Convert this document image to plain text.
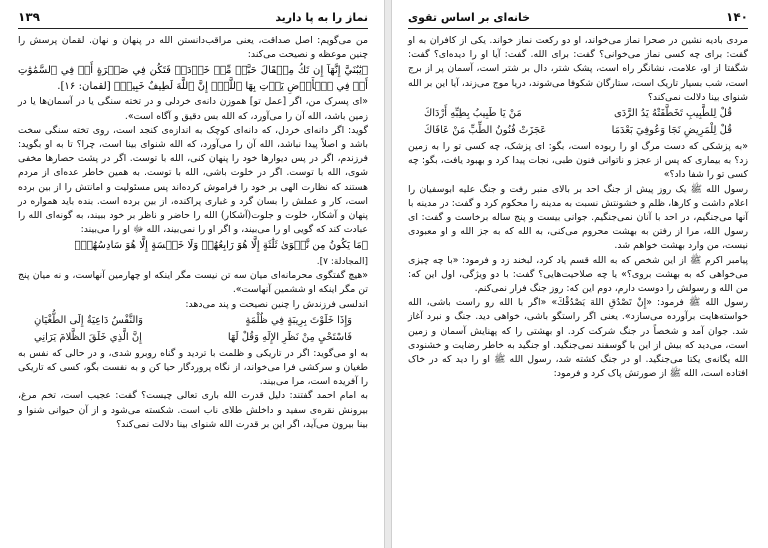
نماز را به پا دارید
۱۳۹

من می‌گویم: اصل صداقت، یعنی مراقب‌دانستن الله در پنهان و نهان. لقمان پرسش را چنین موعظه و نصیحت می‌کند:

﴿يَٰبُنَيَّ إِنَّهَآ إِن تَكُ مِثۡقَالَ حَبَّةٖ مِّنۡ خَرۡدَلٖ فَتَكُن فِي صَخۡرَةٍ أَوۡ فِي ٱلسَّمَٰوَٰتِ أَوۡ فِي ٱلۡأَرۡضِ يَأۡتِ بِهَا ٱللَّهُۚ إِنَّ ٱللَّهَ لَطِيفٌ خَبِيرٞ﴾ [لقمان: ۱۶].

«ای پسرک من، اگر [عمل تو] هموزن دانه‌ی خردلی و در تخته سنگی یا در آسمان‌ها یا در زمین باشد، الله آن را می‌آورد، که الله بس دقیق و آگاه است».

گوید: اگر دانه‌ای خردل، که دانه‌ای کوچک به اندازه‌ی کنجد است، روی تخته سنگی سخت باشد و اصلاً پیدا نباشد، الله آن را می‌آورد، که الله شنوای بینا است، چرا؟ تا به او بگوید: فرزندم، اگر در پس دیوارها خود را پنهان کنی، الله با توست. اگر در پشت حصارها مخفی شوی، الله با توست. اگر در خلوت باشی، الله با توست. به همین خاطر عده‌ای از مردم هستند که نظارت الهی بر خود را فراموش کرده‌اند پس مسئولیت و امانتش را از بین برده است، کار و عملش را بسان گرد و غباری پراکنده، از بین برده است. بنده باید همواره در پنهان و آشکار، خلوت و جلوت(آشکار) الله را حاضر و ناظر بر خود ببیند، به گونه‌ای الله را عبادت کند که گویی او را می‌بیند، و اگر او را نمی‌بیند، الله ﷻ او را می‌بیند:

﴿مَا يَكُونُ مِن نَّجۡوَىٰ ثَلَٰثَةٍ إِلَّا هُوَ رَابِعُهُمۡ وَلَا خَمۡسَةٍ إِلَّا هُوَ سَادِسُهُمۡ﴾

[المجادلة: ۷].

«هیچ گفتگوی محرمانه‌ای میان سه تن نیست مگر اینکه او چهارمین آنهاست، و نه میان پنج تن مگر اینکه او ششمین آنهاست».

اندلسی فرزندش را چنین نصیحت و پند می‌دهد:

وَإِذَا خَلَوْتَ بِرِيبَةٍ فِي ظُلْمَةٍ
وَالنَّفْسُ دَاعِيَةٌ إِلَى الطُّغْيَانِ
فَاسْتَحْيِ مِنْ نَظَرِ الإِلَهِ وَقُلْ لَهَا
إِنَّ الَّذِي خَلَقَ الظَّلامَ يَرَانِي

به او می‌گوید: اگر در تاریکی و ظلمت با تردید و گناه روبرو شدی، و در حالی که نفس به طغیان و سرکشی فرا می‌خواند، از نگاه پروردگار حیا کن و به نفست بگو، کسی که تاریکی را آفریده است، مرا می‌بیند.

به امام احمد گفتند: دلیل قدرت الله باری تعالی چیست؟ گفت: عجیب است، تخم مرغ، بیرونش نقره‌ی سفید و داخلش طلای ناب است. شکسته می‌شود و از آن حیوانی شنوا و بینا بیرون می‌آید، اگر این بر قدرت الله شنوای بینا دلالت نمی‌کند؟

۱۴۰
خانه‌ای بر اساس تقوی

مردی بادیه نشین در صحرا نماز می‌خواند، او دو رکعت نماز خواند. یکی از کافران به او گفت: برای چه کسی نماز می‌خوانی؟ گفت: برای الله. گفت: آیا او را دیده‌ای؟ گفت: شگفتا از او، علامت، نشانگر راه است، پشک شتر، دال بر شتر است، آسمان پر از برج است، شب بسیار تاریک است، ستارگان شکوفا می‌شوند، دریا موج می‌زند، آیا این بر الله شنوای بینا دلالت نمی‌کند؟

قُلْ لِلطَّبِيبِ تَخَطَّفَتْهُ يَدُ الرَّدَى
مَنْ يَا طَبِيبُ بِطِبِّهِ أَرْدَاكَ
قُلْ لِلْمَرِيضِ نَجَا وَعُوفِيَ بَعْدَمَا
عَجَزَتْ فُنُونُ الطِّبِّ مَنْ عَافَاكَ

«به پزشکی که دست مرگ او را ربوده است، بگو: ای پزشک، چه کسی تو را به زمین زد؟ به بیماری که پس از عجز و ناتوانی فنون طبی، نجات پیدا کرد و بهبود یافت، بگو: چه کسی تو را شفا داد؟»

رسول الله ﷺ یک روز پیش از جنگ احد بر بالای منبر رفت و جنگ علیه ابوسفیان را اعلام داشت و کارها، ظلم و خشونتش نسبت به مدینه را محکوم کرد و گفت: در مدینه با آنها می‌جنگیم، در احد با آنان نمی‌جنگیم. جوانی بیست و پنج ساله برخاست و گفت: ای رسول الله، مرا از رفتن به بهشت محروم می‌کنی، به الله که به جز الله و او معبودی نیست، من وارد بهشت خواهم شد.

پیامبر اکرم ﷺ از این شخص که به الله قسم یاد کرد، لبخند زد و فرمود: «با چه چیزی می‌خواهی که به بهشت بروی؟» یا چه صلاحیت‌هایی؟ گفت: با دو ویژگی، اول این که: من الله و رسولش را دوست دارم، دوم این که: روز جنگ فرار نمی‌کنم.

رسول الله ﷺ فرمود: «إِنْ تَصْدُقِ اللهَ يَصْدُقْكَ» «اگر با الله رو راست باشی، الله خواسته‌هایت برآورده می‌سازد». یعنی اگر راستگو باشی، خواهی دید. جنگ و نبرد آغاز شد. جوان آمد و شخصاً در جنگ شرکت کرد. او بهشتی را که پهنایش آسمان و زمین است، می‌دید که بیش از این با گوسفند نمی‌جنگید. او جنگید به خاطر رضایت و خشنودی الله یگانه‌ی یکتا می‌جنگید. او در جنگ کشته شد، رسول الله ﷺ او را دید که در خاک افتاده است، الله ﷺ از صورتش پاک کرد و فرمود:
